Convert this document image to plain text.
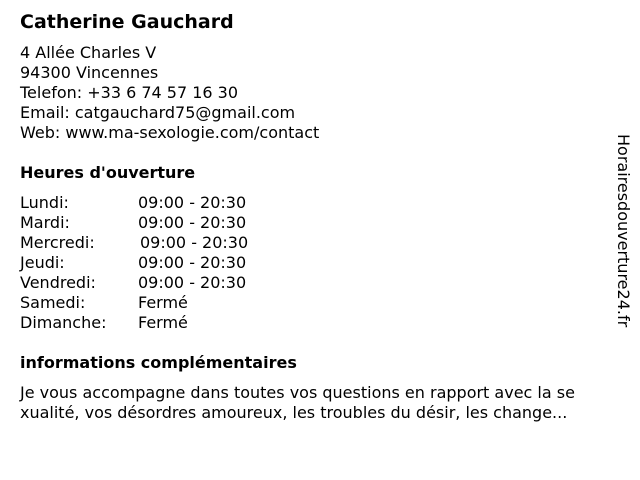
Catherine Gauchard
4 Allée Charles V
94300 Vincennes
Telefon: +33 6 74 57 16 30
Email: catgauchard75@gmail.com
Web: www.ma-sexologie.com/contact
Heures d'ouverture
Lundi:	09:00 - 20:30
Mardi:	09:00 - 20:30
Mercredi:	09:00 - 20:30
Jeudi:	09:00 - 20:30
Vendredi:	09:00 - 20:30
Samedi:	Fermé
Dimanche: Fermé
informations complémentaires
Je vous accompagne dans toutes vos questions en rapport avec la se
xualité, vos désordres amoureux, les troubles du désir, les change...
Horairesdouverture24.fr
